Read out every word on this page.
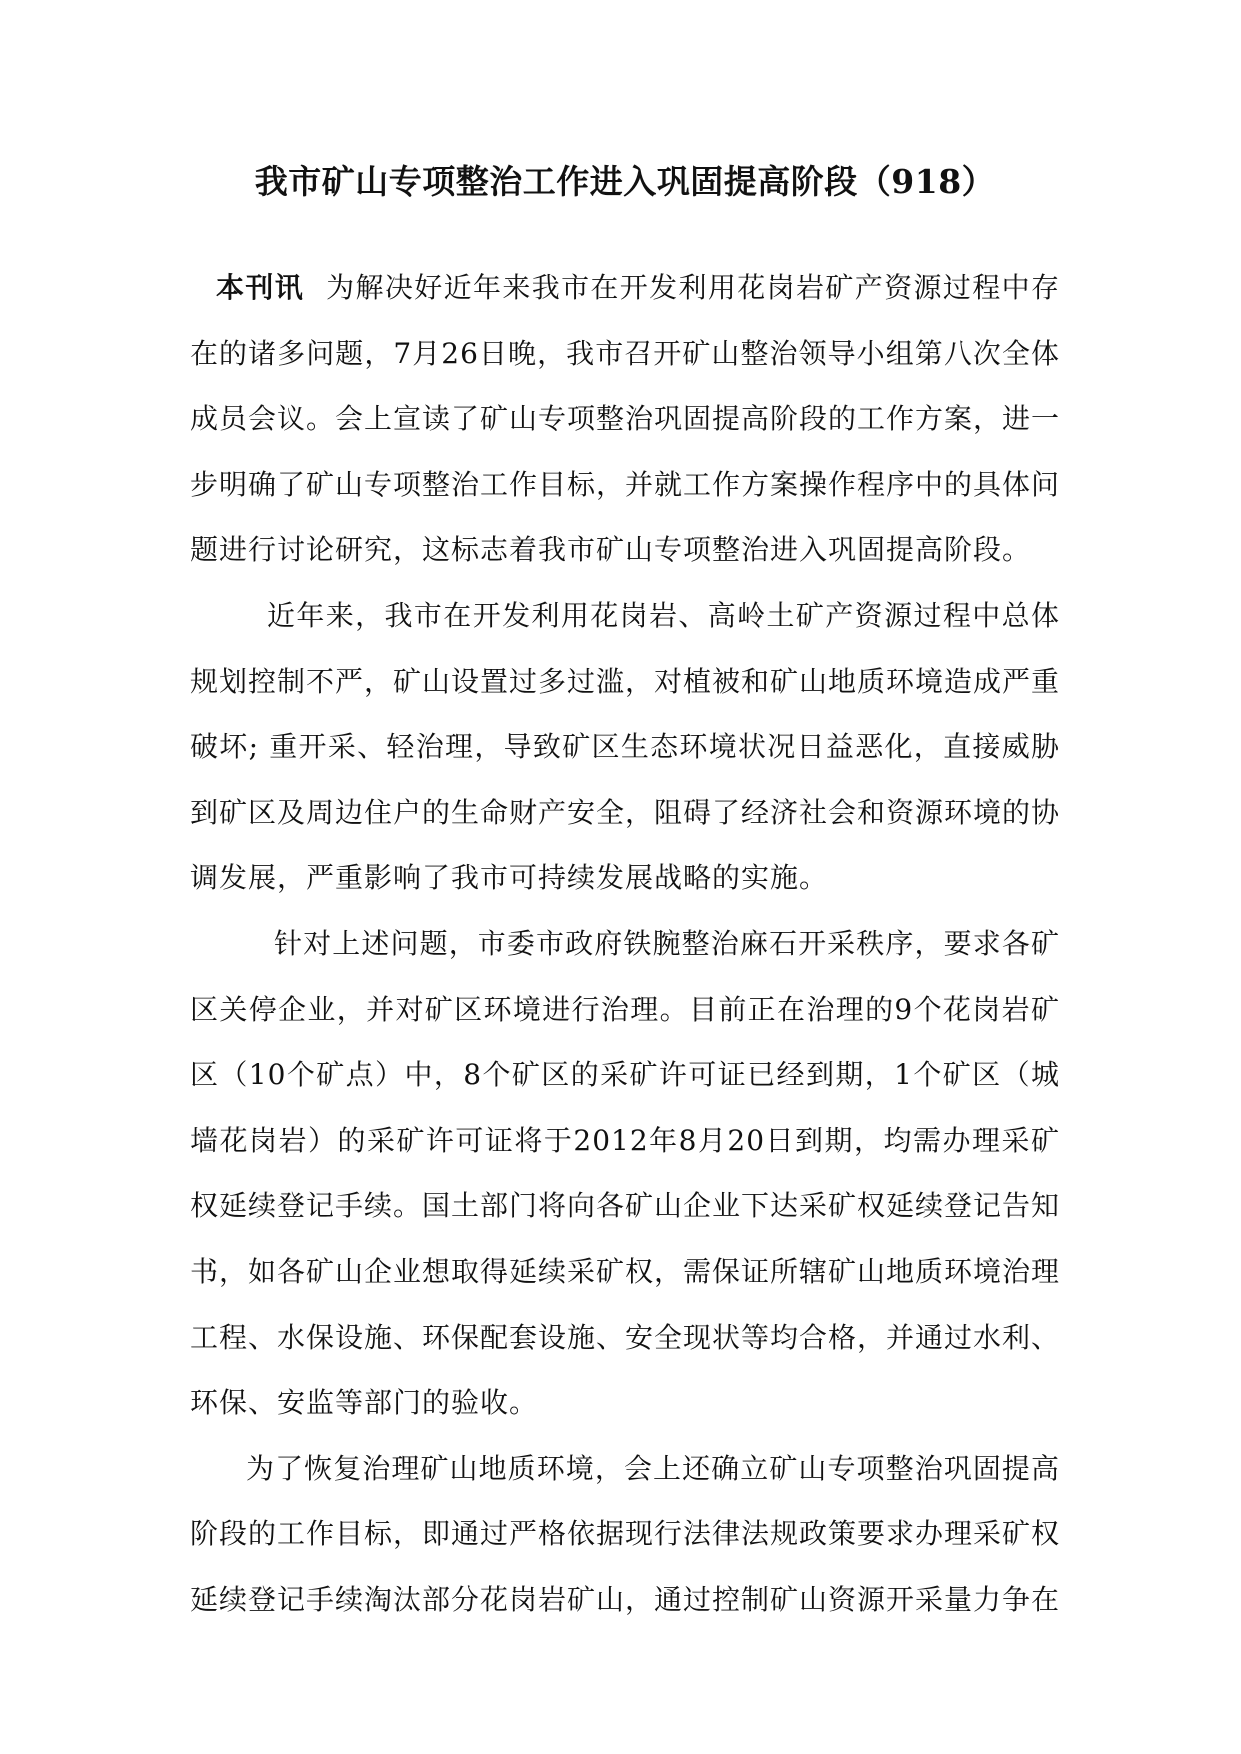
我市矿山专项整治工作进入巩固提高阶段（918）

本刊讯 为解决好近年来我市在开发利用花岗岩矿产资源过程中存在的诸多问题，7月26日晚，我市召开矿山整治领导小组第八次全体成员会议。会上宣读了矿山专项整治巩固提高阶段的工作方案，进一步明确了矿山专项整治工作目标，并就工作方案操作程序中的具体问题进行讨论研究，这标志着我市矿山专项整治进入巩固提高阶段。

近年来，我市在开发利用花岗岩、高岭土矿产资源过程中总体规划控制不严，矿山设置过多过滥，对植被和矿山地质环境造成严重破坏; 重开采、轻治理，导致矿区生态环境状况日益恶化，直接威胁到矿区及周边住户的生命财产安全，阻碍了经济社会和资源环境的协调发展，严重影响了我市可持续发展战略的实施。

针对上述问题，市委市政府铁腕整治麻石开采秩序，要求各矿区关停企业，并对矿区环境进行治理。目前正在治理的9个花岗岩矿区（10个矿点）中，8个矿区的采矿许可证已经到期，1个矿区（城墙花岗岩）的采矿许可证将于2012年8月20日到期，均需办理采矿权延续登记手续。国土部门将向各矿山企业下达采矿权延续登记告知书，如各矿山企业想取得延续采矿权，需保证所辖矿山地质环境治理工程、水保设施、环保配套设施、安全现状等均合格，并通过水利、环保、安监等部门的验收。

为了恢复治理矿山地质环境，会上还确立矿山专项整治巩固提高阶段的工作目标，即通过严格依据现行法律法规政策要求办理采矿权延续登记手续淘汰部分花岗岩矿山，通过控制矿山资源开采量力争在
